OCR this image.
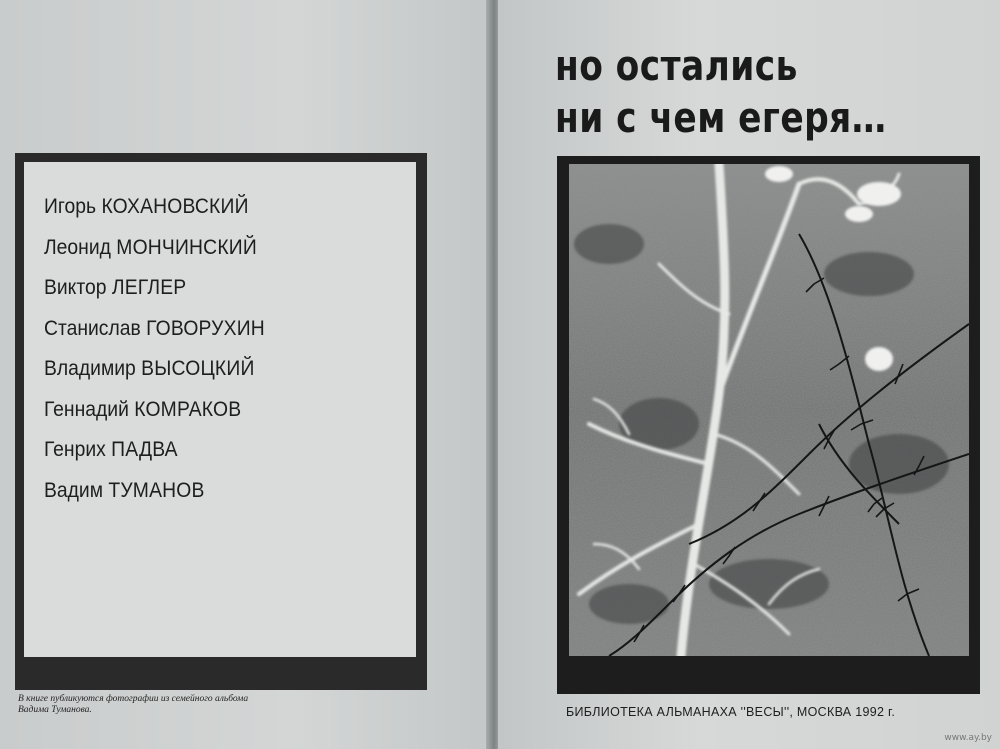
Игорь КОХАНОВСКИЙ
Леонид МОНЧИНСКИЙ
Виктор ЛЕГЛЕР
Станислав ГОВОРУХИН
Владимир ВЫСОЦКИЙ
Геннадий КОМРАКОВ
Генрих ПАДВА
Вадим ТУМАНОВ
В книге публикуются фотографии из семейного альбома
Вадима Туманова.
но остались
ни с чем егеря…
БИБЛИОТЕКА АЛЬМАНАХА ''ВЕСЫ'', МОСКВА 1992 г.
www.ay.by
